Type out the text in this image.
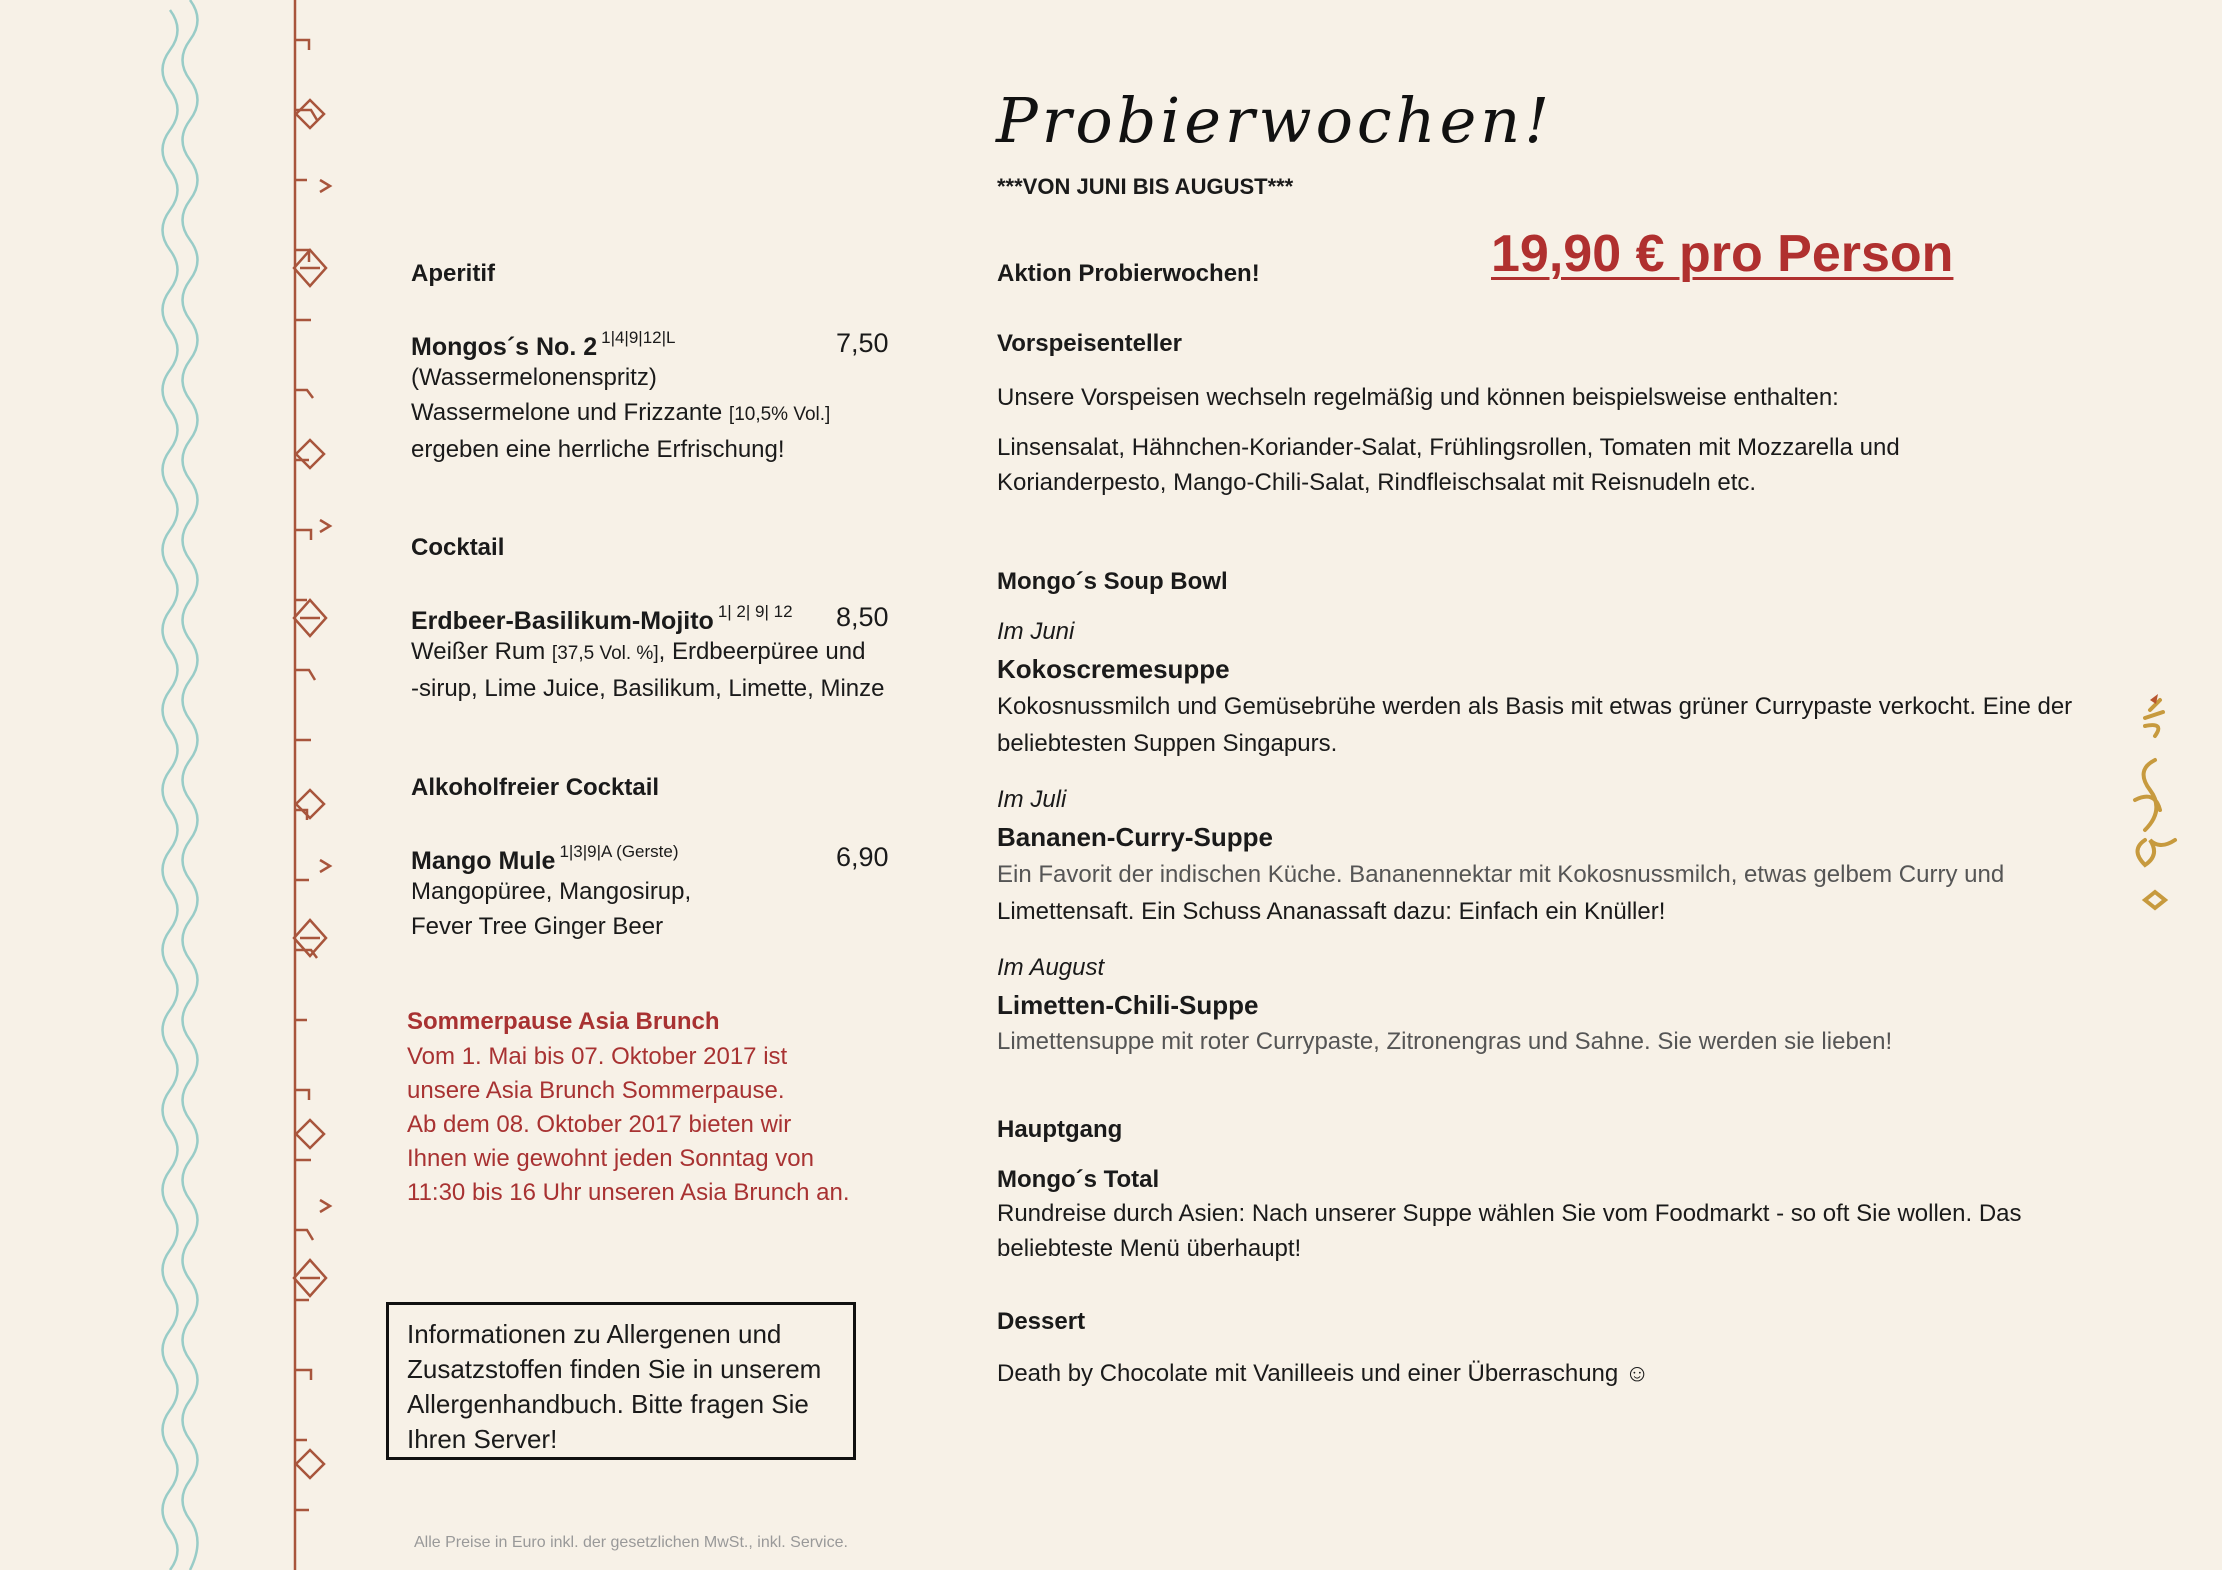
Aperitif
Mongos´s No. 2 $^{1|4|9|12|L}$	7,50
(Wassermelonenspritz)
Wassermelone und Frizzante [10,5% Vol.]
ergeben eine herrliche Erfrischung!
Cocktail
Erdbeer-Basilikum-Mojito $^{1| 2| 9| 12}$ 8,50
Weißer Rum [37,5 Vol. %], Erdbeerpüree und
-sirup, Lime Juice, Basilikum, Limette, Minze
Alkoholfreier Cocktail
Mango Mule $^{1|3|9|A (Gerste)}$	6,90
Mangopüree, Mangosirup,
Fever Tree Ginger Beer
Sommerpause Asia Brunch
Vom 1. Mai bis 07. Oktober 2017 ist
unsere Asia Brunch Sommerpause.
Ab dem 08. Oktober 2017 bieten wir
Ihnen wie gewohnt jeden Sonntag von
11:30 bis 16 Uhr unseren Asia Brunch an.
Informationen zu Allergenen und
Zusatzstoffen finden Sie in unserem
Allergenhandbuch. Bitte fragen Sie
Ihren Server!
Alle Preise in Euro inkl. der gesetzlichen MwSt., inkl. Service.
Probierwochen!
***VON JUNI BIS AUGUST***
Aktion Probierwochen!	19,90 € pro Person
Vorspeisenteller
Unsere Vorspeisen wechseln regelmäßig und können beispielsweise enthalten:
Linsensalat, Hähnchen-Koriander-Salat, Frühlingsrollen, Tomaten mit Mozzarella und
Korianderpesto, Mango-Chili-Salat, Rindfleischsalat mit Reisnudeln etc.
Mongo´s Soup Bowl
Im Juni
Kokoscremesuppe
Kokosnussmilch und Gemüsebrühe werden als Basis mit etwas grüner Currypaste verkocht. Eine der
beliebtesten Suppen Singapurs.
Im Juli
Bananen-Curry-Suppe
Ein Favorit der indischen Küche. Bananennektar mit Kokosnussmilch, etwas gelbem Curry und
Limettensaft. Ein Schuss Ananassaft dazu: Einfach ein Knüller!
Im August
Limetten-Chili-Suppe
Limettensuppe mit roter Currypaste, Zitronengras und Sahne. Sie werden sie lieben!
Hauptgang
Mongo´s Total
Rundreise durch Asien: Nach unserer Suppe wählen Sie vom Foodmarkt - so oft Sie wollen. Das
beliebteste Menü überhaupt!
Dessert
Death by Chocolate mit Vanilleeis und einer Überraschung ☺
